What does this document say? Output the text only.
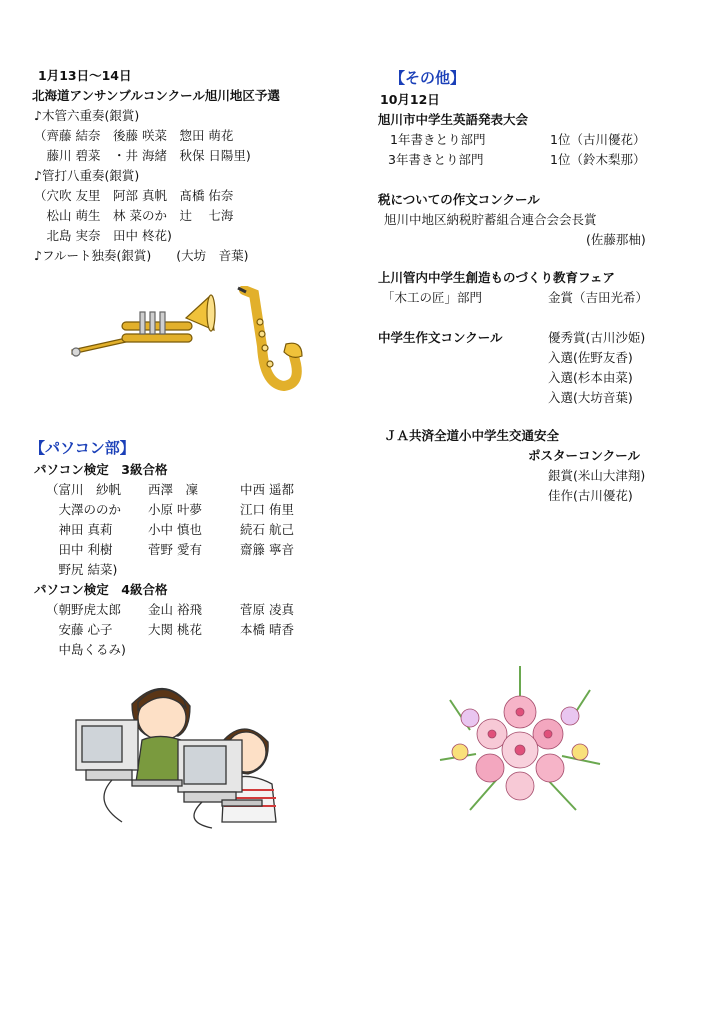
1月13日～14日
北海道アンサンブルコンクール旭川地区予選
♪木管六重奏(銀賞)
（齊藤 結奈　後藤 咲菜　惣田 萌花
　藤川 碧菜　・井 海緒　秋保 日陽里)
♪管打八重奏(銀賞)
（穴吹 友里　阿部 真帆　髙橋 佑奈
　松山 萌生　林 菜のか　辻　 七海
　北島 実奈　田中 柊花)
♪フルート独奏(銀賞)　　(大坊　音葉)
【パソコン部】
パソコン検定　3級合格
（富川　紗帆 西澤　凜	中西 遥都
　大澤ののか 小原 叶夢	江口 侑里
　神田 真莉	小中 慎也	続石 航己
　田中 利樹	菅野 愛有	齋籐 寧音
　野尻 結菜)
パソコン検定　4級合格
（朝野虎太郎 金山 裕飛	菅原 凌真
　安藤 心子	大関 桃花	本橋 晴香
　中島くるみ)
【その他】
10月12日
旭川市中学生英語発表大会
1年書きとり部門	1位（古川優花）
3年書きとり部門	1位（鈴木梨那）
税についての作文コンクール
旭川中地区納税貯蓄組合連合会会長賞
(佐藤那柚)
上川管内中学生創造ものづくり教育フェア
「木工の匠」部門	金賞（吉田光希）
中学生作文コンクール	優秀賞(古川沙姫)
入選(佐野友香)
入選(杉本由菜)
入選(大坊音葉)
ＪＡ共済全道小中学生交通安全
ポスターコンクール
銀賞(米山大津翔)
佳作(古川優花)
